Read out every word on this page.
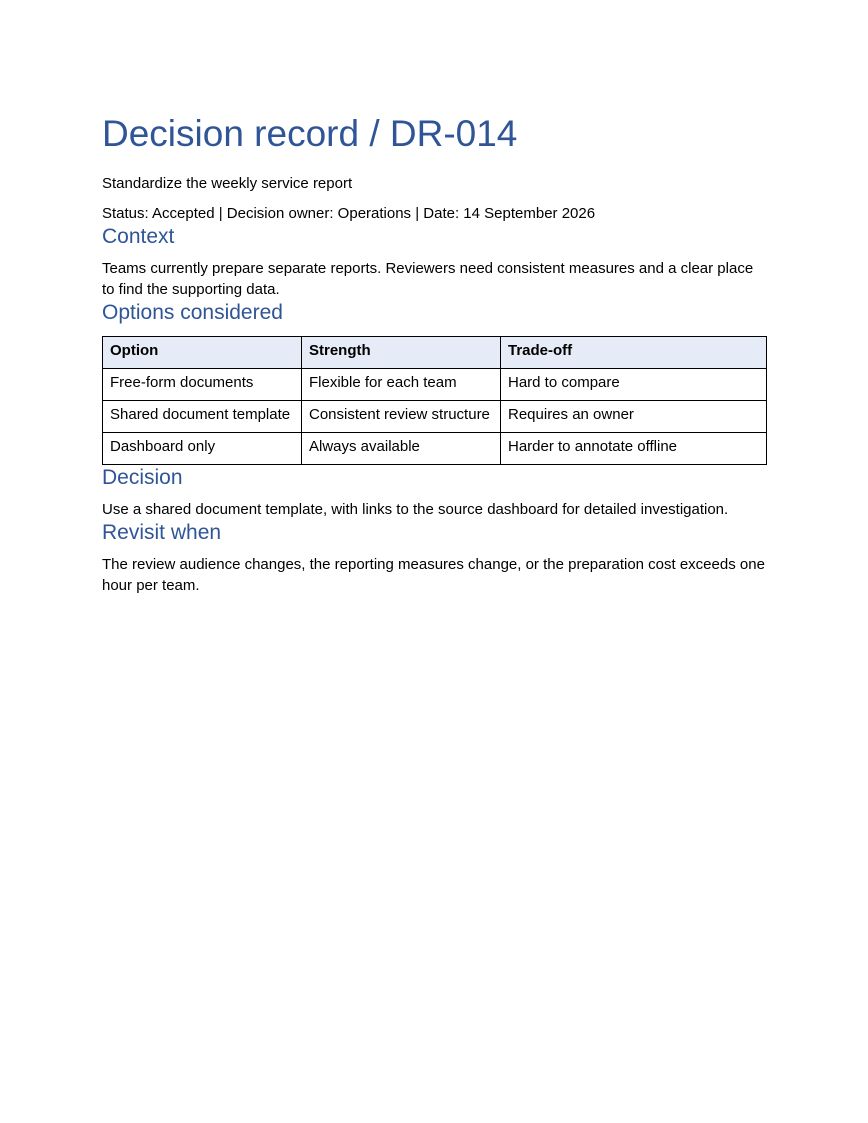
Decision record / DR-014

Standardize the weekly service report

Status: Accepted | Decision owner: Operations | Date: 14 September 2026

Context

Teams currently prepare separate reports. Reviewers need consistent measures and a clear place to find the supporting data.

Options considered
Option	Strength	Trade-off
Free-form documents	Flexible for each team	Hard to compare
Shared document template	Consistent review structure	Requires an owner
Dashboard only	Always available	Harder to annotate offline
Decision

Use a shared document template, with links to the source dashboard for detailed investigation.

Revisit when

The review audience changes, the reporting measures change, or the preparation cost exceeds one hour per team.
